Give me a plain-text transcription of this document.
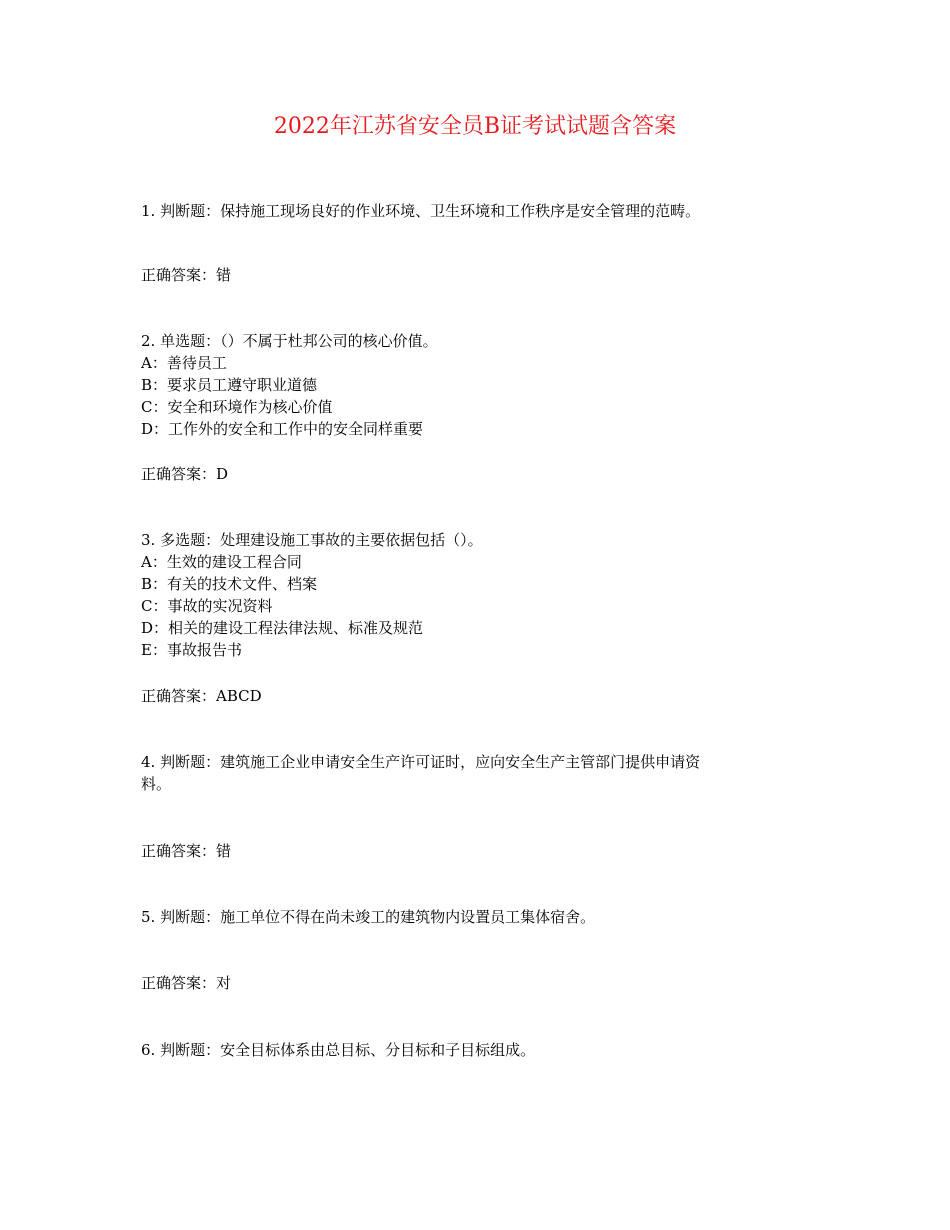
2022年江苏省安全员B证考试试题含答案
1. 判断题：保持施工现场良好的作业环境、卫生环境和工作秩序是安全管理的范畴。
正确答案：错
2. 单选题：（）不属于杜邦公司的核心价值。
A：善待员工
B：要求员工遵守职业道德
C：安全和环境作为核心价值
D：工作外的安全和工作中的安全同样重要
正确答案：D
3. 多选题：处理建设施工事故的主要依据包括（）。
A：生效的建设工程合同
B：有关的技术文件、档案
C：事故的实况资料
D：相关的建设工程法律法规、标准及规范
E：事故报告书
正确答案：ABCD
4. 判断题：建筑施工企业申请安全生产许可证时，应向安全生产主管部门提供申请资
料。
正确答案：错
5. 判断题：施工单位不得在尚未竣工的建筑物内设置员工集体宿舍。
正确答案：对
6. 判断题：安全目标体系由总目标、分目标和子目标组成。
